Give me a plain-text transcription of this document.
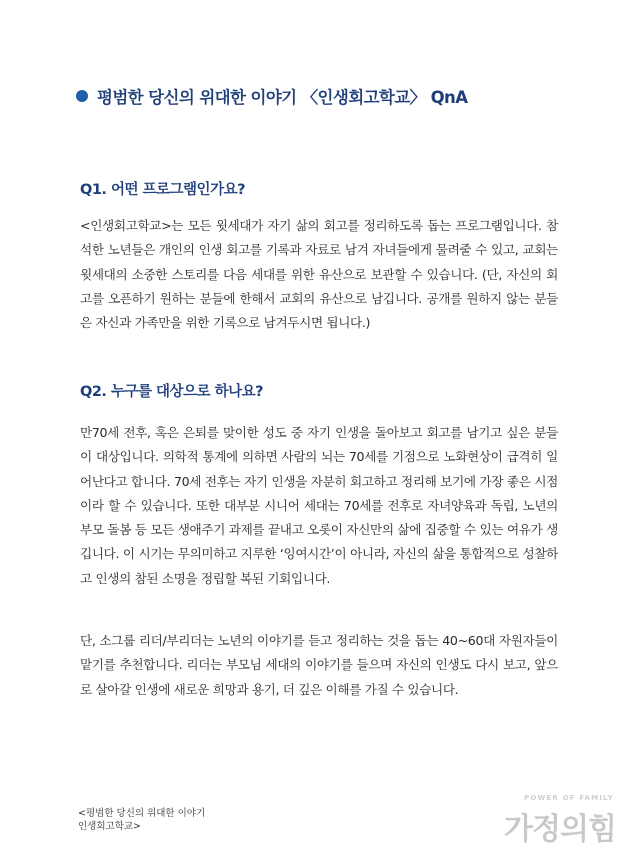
평범한 당신의 위대한 이야기 〈인생회고학교〉 QnA
Q1. 어떤 프로그램인가요?

<인생회고학교>는 모든 윗세대가 자기 삶의 회고를 정리하도록 돕는 프로그램입니다. 참석한 노년들은 개인의 인생 회고를 기록과 자료로 남겨 자녀들에게 물려줄 수 있고, 교회는 윗세대의 소중한 스토리를 다음 세대를 위한 유산으로 보관할 수 있습니다. (단, 자신의 회고를 오픈하기 원하는 분들에 한해서 교회의 유산으로 남깁니다. 공개를 원하지 않는 분들은 자신과 가족만을 위한 기록으로 남겨두시면 됩니다.)

Q2. 누구를 대상으로 하나요?

만70세 전후, 혹은 은퇴를 맞이한 성도 중 자기 인생을 돌아보고 회고를 남기고 싶은 분들이 대상입니다. 의학적 통계에 의하면 사람의 뇌는 70세를 기점으로 노화현상이 급격히 일어난다고 합니다. 70세 전후는 자기 인생을 자분히 회고하고 정리해 보기에 가장 좋은 시점이라 할 수 있습니다. 또한 대부분 시니어 세대는 70세를 전후로 자녀양육과 독립, 노년의 부모 돌봄 등 모든 생애주기 과제를 끝내고 오롯이 자신만의 삶에 집중할 수 있는 여유가 생깁니다. 이 시기는 무의미하고 지루한 ‘잉여시간’이 아니라, 자신의 삶을 통합적으로 성찰하고 인생의 참된 소명을 정립할 복된 기회입니다.

단, 소그룹 리더/부리더는 노년의 이야기를 듣고 정리하는 것을 돕는 40~60대 자원자들이 맡기를 추천합니다. 리더는 부모님 세대의 이야기를 들으며 자신의 인생도 다시 보고, 앞으로 살아갈 인생에 새로운 희망과 용기, 더 깊은 이해를 가질 수 있습니다.

<평범한 당신의 위대한 이야기
인생회고학교>
POWER OF FAMILY
가정의힘
